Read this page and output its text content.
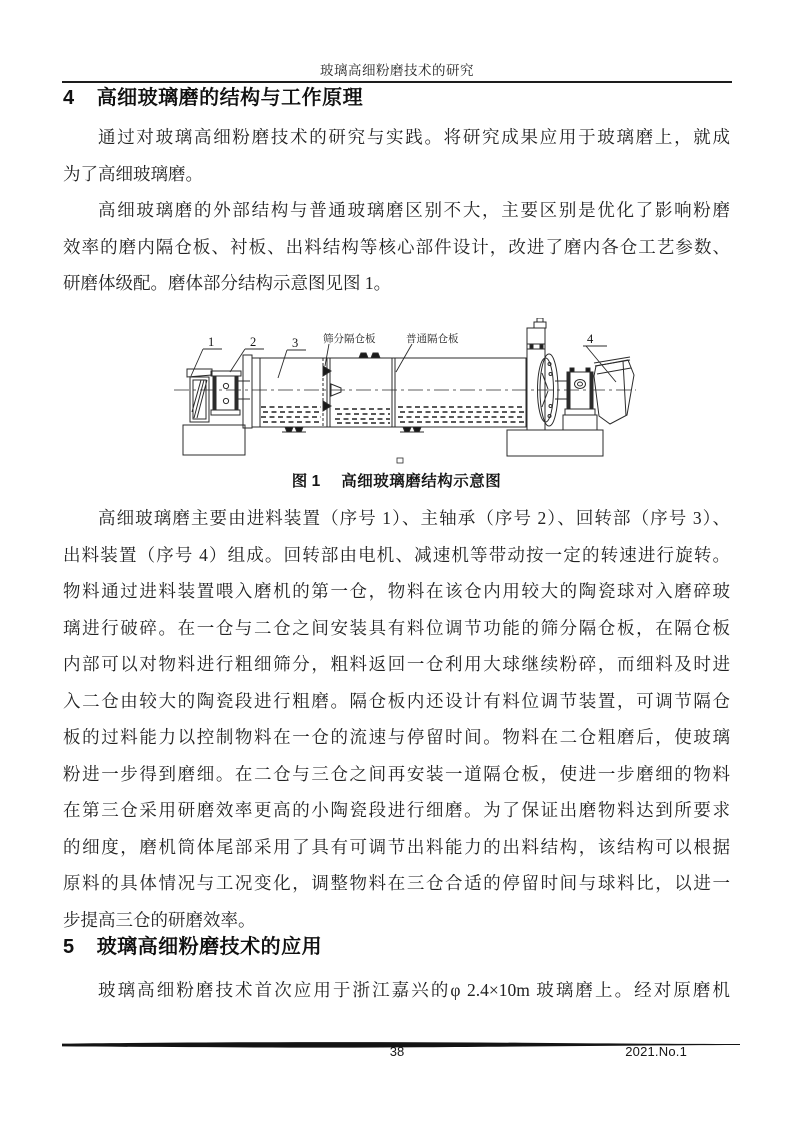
玻璃高细粉磨技术的研究
4 高细玻璃磨的结构与工作原理
通过对玻璃高细粉磨技术的研究与实践。将研究成果应用于玻璃磨上，就成
为了高细玻璃磨。
高细玻璃磨的外部结构与普通玻璃磨区别不大，主要区别是优化了影响粉磨
效率的磨内隔仓板、衬板、出料结构等核心部件设计，改进了磨内各仓工艺参数、
研磨体级配。磨体部分结构示意图见图 1。
1	2	3	4
筛分隔仓板	普通隔仓板
图 1 高细玻璃磨结构示意图
高细玻璃磨主要由进料装置（序号 1）、主轴承（序号 2）、回转部（序号 3）、
出料装置（序号 4）组成。回转部由电机、减速机等带动按一定的转速进行旋转。
物料通过进料装置喂入磨机的第一仓，物料在该仓内用较大的陶瓷球对入磨碎玻
璃进行破碎。在一仓与二仓之间安装具有料位调节功能的筛分隔仓板，在隔仓板
内部可以对物料进行粗细筛分，粗料返回一仓利用大球继续粉碎，而细料及时进
入二仓由较大的陶瓷段进行粗磨。隔仓板内还设计有料位调节装置，可调节隔仓
板的过料能力以控制物料在一仓的流速与停留时间。物料在二仓粗磨后，使玻璃
粉进一步得到磨细。在二仓与三仓之间再安装一道隔仓板，使进一步磨细的物料
在第三仓采用研磨效率更高的小陶瓷段进行细磨。为了保证出磨物料达到所要求
的细度，磨机筒体尾部采用了具有可调节出料能力的出料结构，该结构可以根据
原料的具体情况与工况变化，调整物料在三仓合适的停留时间与球料比，以进一
步提高三仓的研磨效率。
5 玻璃高细粉磨技术的应用
玻璃高细粉磨技术首次应用于浙江嘉兴的φ 2.4×10m 玻璃磨上。经对原磨机
38	2021.No.1
